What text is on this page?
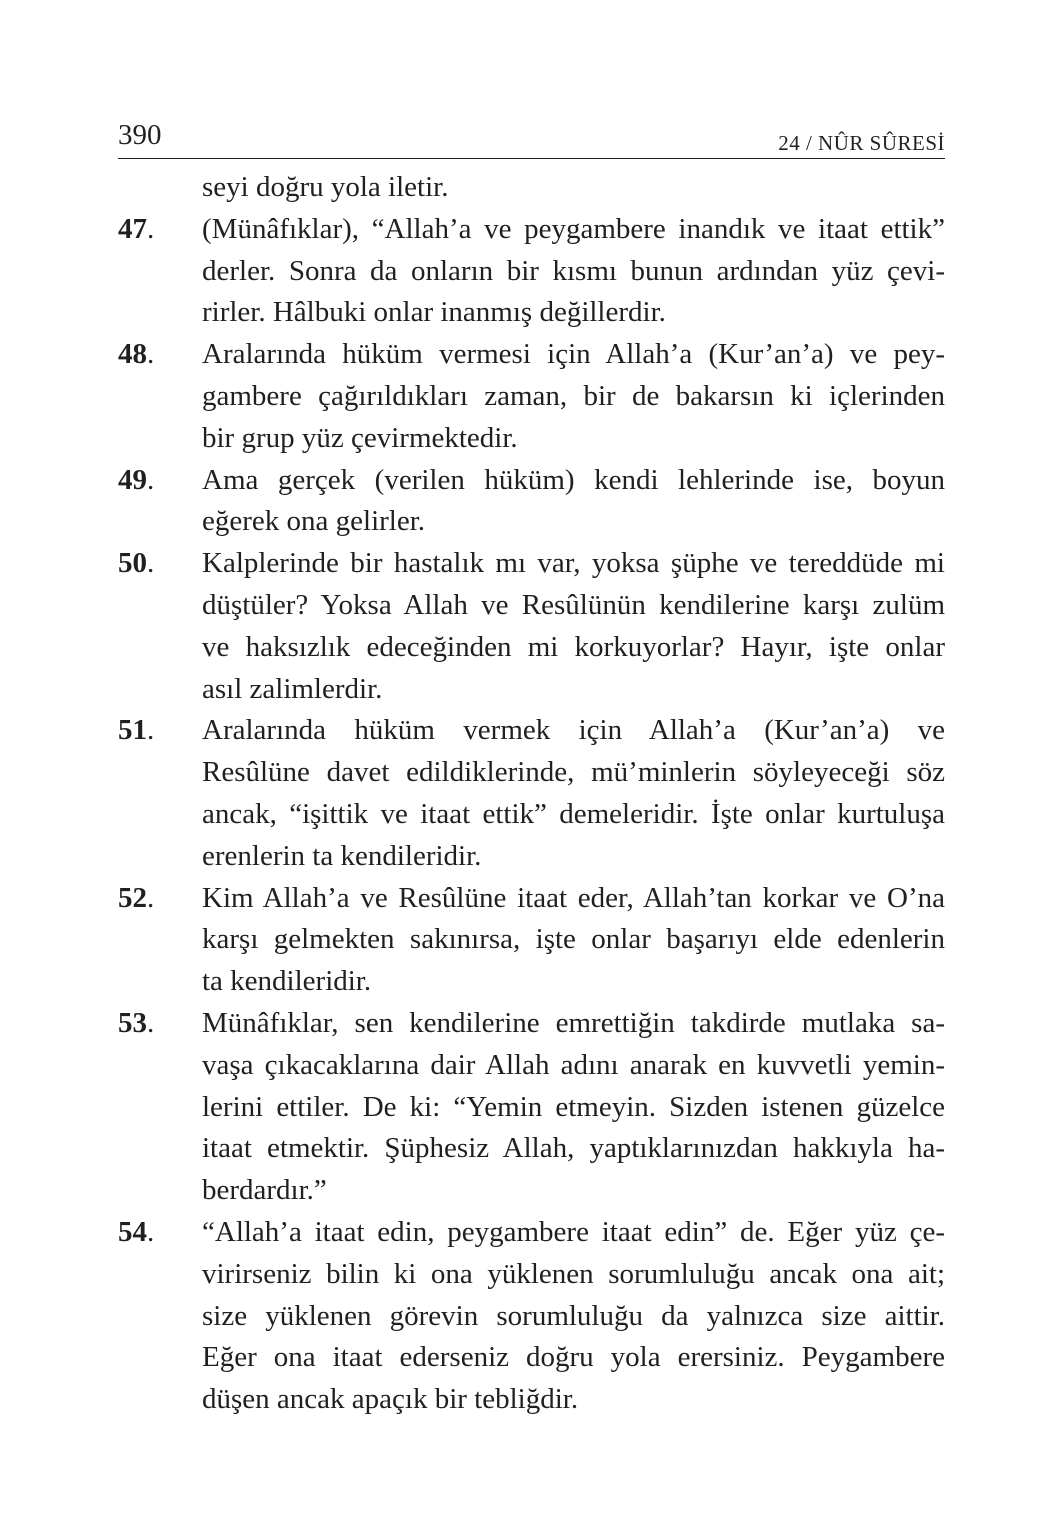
390	24 / NÛR SÛRESİ
seyi doğru yola iletir.
47. (Münâfıklar), “Allah’a ve peygambere inandık ve itaat ettik”
derler. Sonra da onların bir kısmı bunun ardından yüz çevi-
rirler. Hâlbuki onlar inanmış değillerdir.
48. Aralarında hüküm vermesi için Allah’a (Kur’an’a) ve pey-
gambere çağırıldıkları zaman, bir de bakarsın ki içlerinden
bir grup yüz çevirmektedir.
49. Ama gerçek (verilen hüküm) kendi lehlerinde ise, boyun
eğerek ona gelirler.
50. Kalplerinde bir hastalık mı var, yoksa şüphe ve tereddüde mi
düştüler? Yoksa Allah ve Resûlünün kendilerine karşı zulüm
ve haksızlık edeceğinden mi korkuyorlar? Hayır, işte onlar
asıl zalimlerdir.
51. Aralarında hüküm vermek için Allah’a (Kur’an’a) ve
Resûlüne davet edildiklerinde, mü’minlerin söyleyeceği söz
ancak, “işittik ve itaat ettik” demeleridir. İşte onlar kurtuluşa
erenlerin ta kendileridir.
52. Kim Allah’a ve Resûlüne itaat eder, Allah’tan korkar ve O’na
karşı gelmekten sakınırsa, işte onlar başarıyı elde edenlerin
ta kendileridir.
53. Münâfıklar, sen kendilerine emrettiğin takdirde mutlaka sa-
vaşa çıkacaklarına dair Allah adını anarak en kuvvetli yemin-
lerini ettiler. De ki: “Yemin etmeyin. Sizden istenen güzelce
itaat etmektir. Şüphesiz Allah, yaptıklarınızdan hakkıyla ha-
berdardır.”
54. “Allah’a itaat edin, peygambere itaat edin” de. Eğer yüz çe-
virirseniz bilin ki ona yüklenen sorumluluğu ancak ona ait;
size yüklenen görevin sorumluluğu da yalnızca size aittir.
Eğer ona itaat ederseniz doğru yola erersiniz. Peygambere
düşen ancak apaçık bir tebliğdir.
